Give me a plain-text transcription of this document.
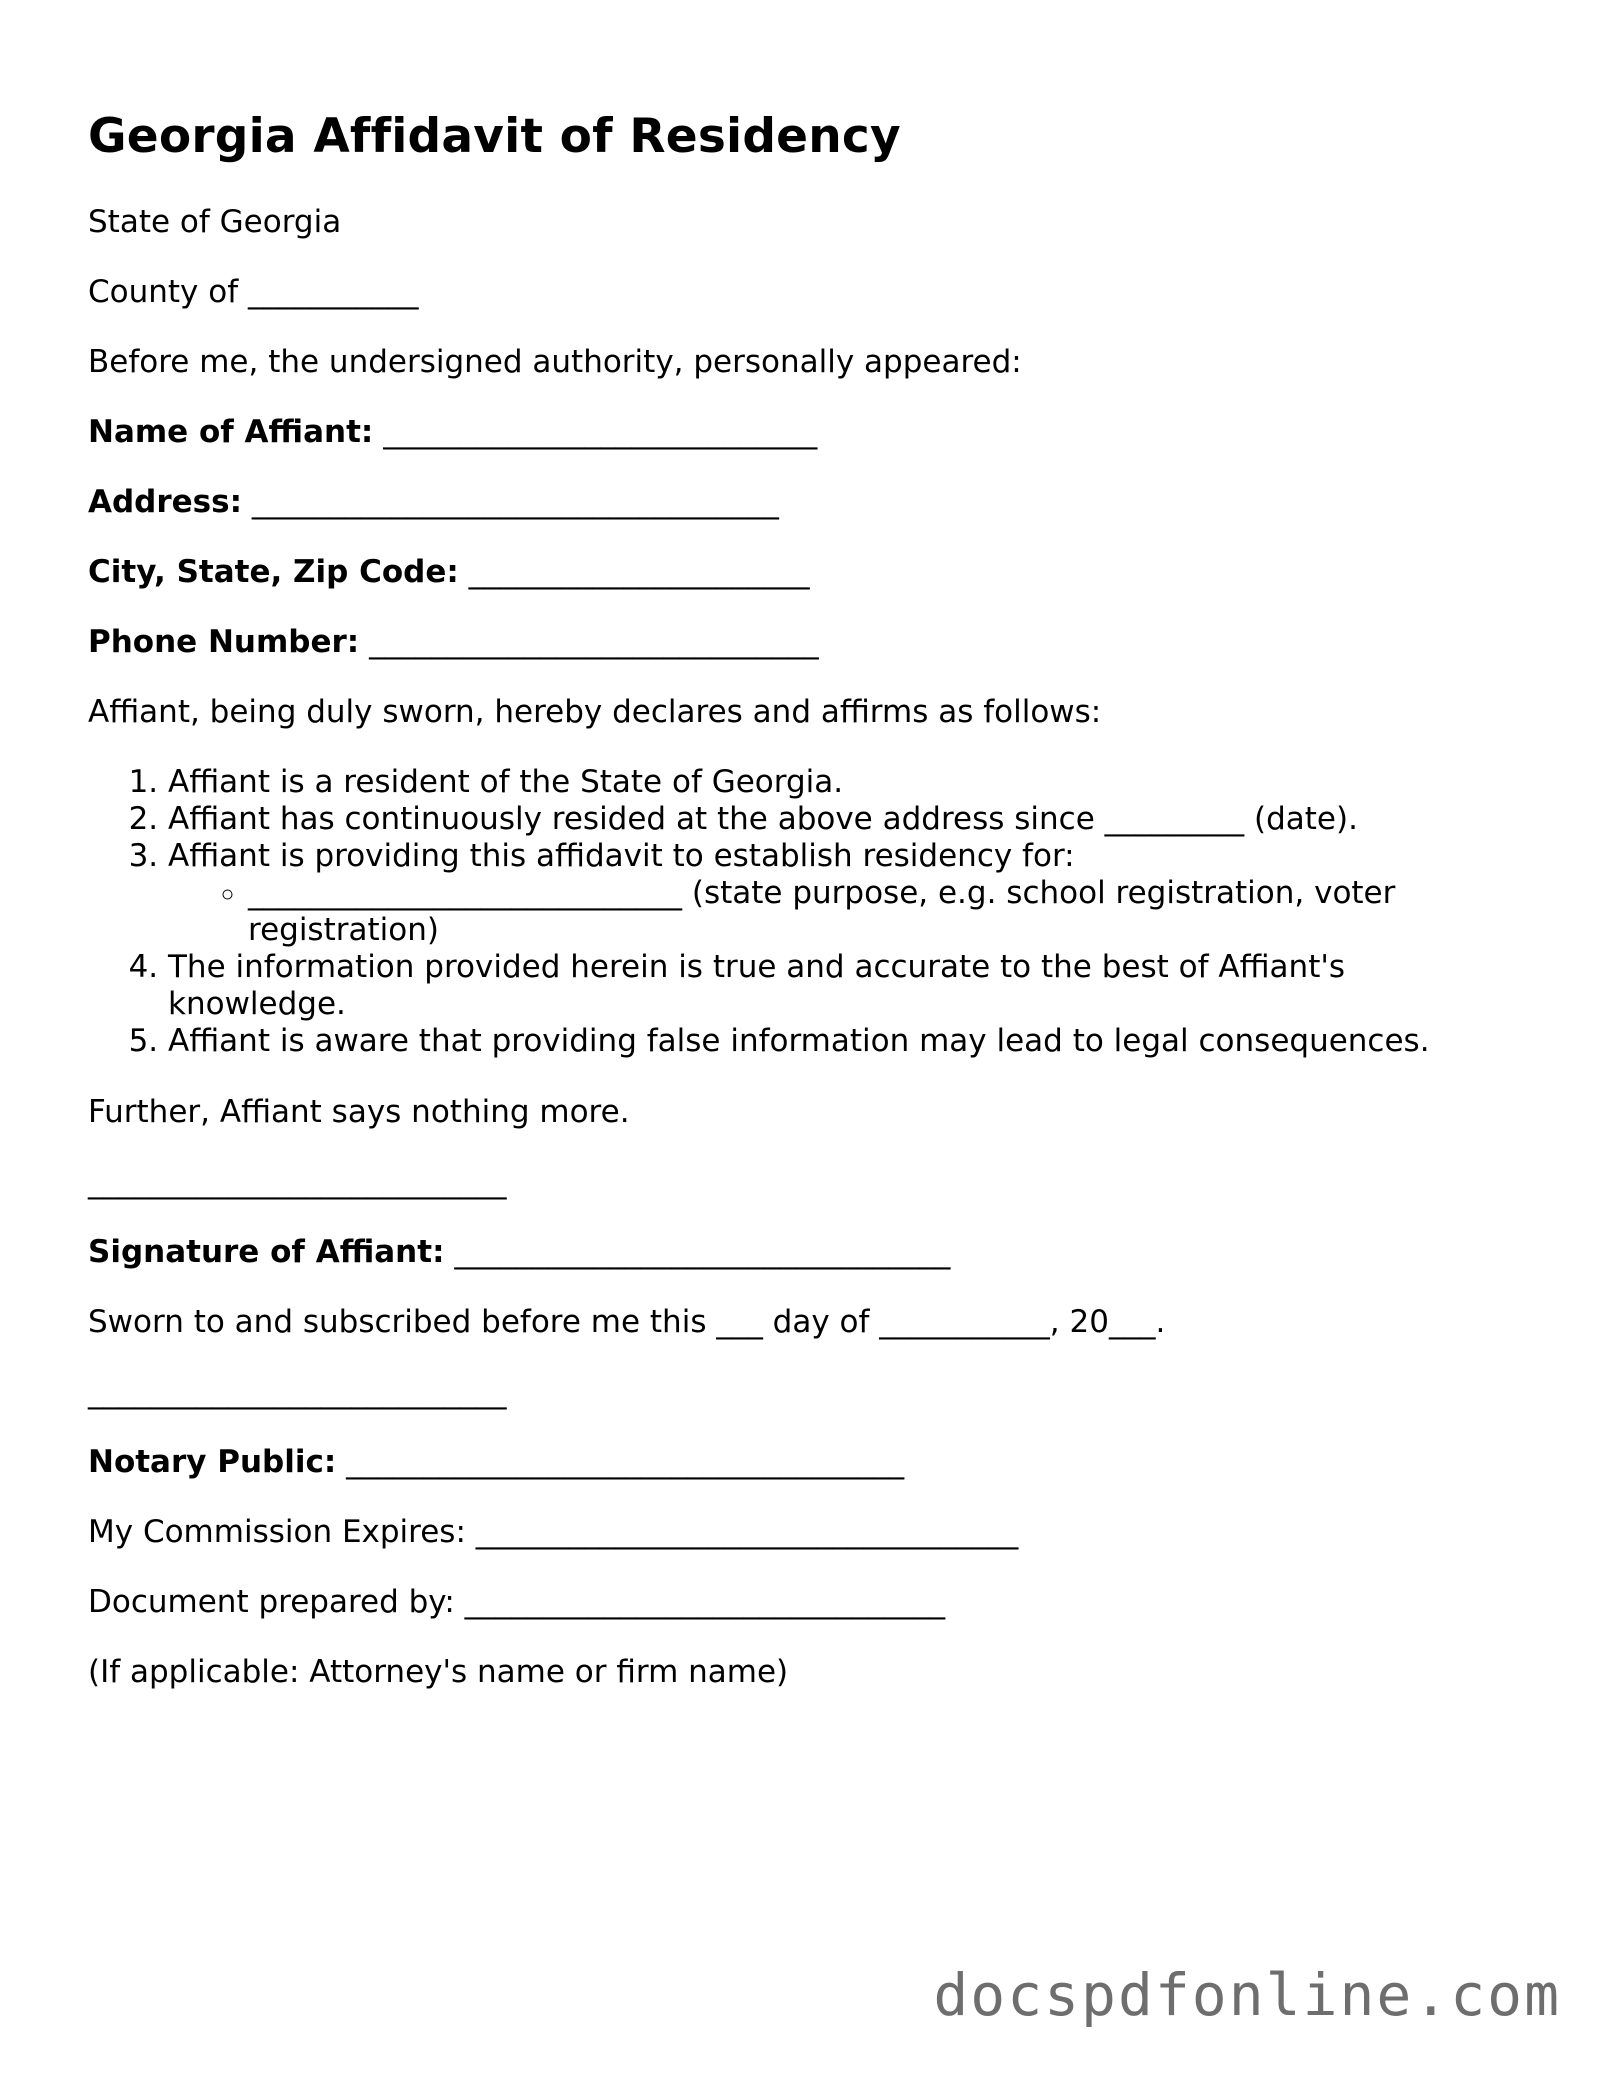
Georgia Affidavit of Residency

State of Georgia

County of ___________

Before me, the undersigned authority, personally appeared:

Name of Affiant: ____________________________

Address: __________________________________

City, State, Zip Code: ______________________

Phone Number: _____________________________

Affiant, being duly sworn, hereby declares and affirms as follows:

1. Affiant is a resident of the State of Georgia.
2. Affiant has continuously resided at the above address since _________ (date).
3. Affiant is providing this affidavit to establish residency for:
◦ ____________________________ (state purpose, e.g. school registration, voter registration)
4. The information provided herein is true and accurate to the best of Affiant's knowledge.
5. Affiant is aware that providing false information may lead to legal consequences.

Further, Affiant says nothing more.

___________________________

Signature of Affiant: ________________________________

Sworn to and subscribed before me this ___ day of ___________, 20___.

___________________________

Notary Public: ____________________________________

My Commission Expires: ___________________________________

Document prepared by: _______________________________

(If applicable: Attorney's name or firm name)

docspdfonline.com
